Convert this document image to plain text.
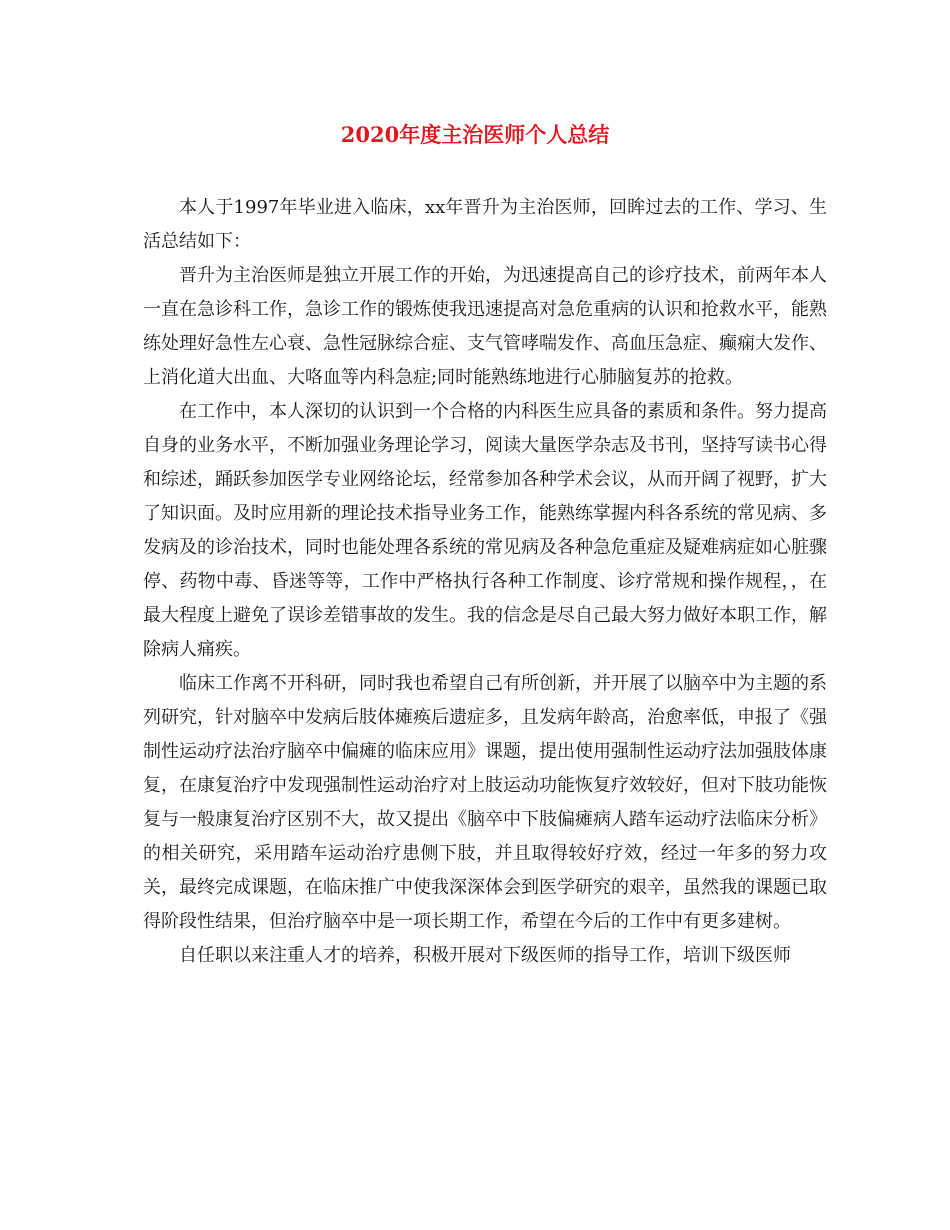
2020年度主治医师个人总结

本人于1997年毕业进入临床，xx年晋升为主治医师，回眸过去的工作、学习、生活总结如下：

晋升为主治医师是独立开展工作的开始，为迅速提高自己的诊疗技术，前两年本人一直在急诊科工作，急诊工作的锻炼使我迅速提高对急危重病的认识和抢救水平，能熟练处理好急性左心衰、急性冠脉综合症、支气管哮喘发作、高血压急症、癫痫大发作、上消化道大出血、大咯血等内科急症;同时能熟练地进行心肺脑复苏的抢救。

在工作中，本人深切的认识到一个合格的内科医生应具备的素质和条件。努力提高自身的业务水平，不断加强业务理论学习，阅读大量医学杂志及书刊，坚持写读书心得和综述，踊跃参加医学专业网络论坛，经常参加各种学术会议，从而开阔了视野，扩大了知识面。及时应用新的理论技术指导业务工作，能熟练掌握内科各系统的常见病、多发病及的诊治技术，同时也能处理各系统的常见病及各种急危重症及疑难病症如心脏骤停、药物中毒、昏迷等等，工作中严格执行各种工作制度、诊疗常规和操作规程，，在最大程度上避免了误诊差错事故的发生。我的信念是尽自己最大努力做好本职工作，解除病人痛疾。

临床工作离不开科研，同时我也希望自己有所创新，并开展了以脑卒中为主题的系列研究，针对脑卒中发病后肢体瘫痪后遗症多，且发病年龄高，治愈率低，申报了《强制性运动疗法治疗脑卒中偏瘫的临床应用》课题，提出使用强制性运动疗法加强肢体康复，在康复治疗中发现强制性运动治疗对上肢运动功能恢复疗效较好，但对下肢功能恢复与一般康复治疗区别不大，故又提出《脑卒中下肢偏瘫病人踏车运动疗法临床分析》的相关研究，采用踏车运动治疗患侧下肢，并且取得较好疗效，经过一年多的努力攻关，最终完成课题，在临床推广中使我深深体会到医学研究的艰辛，虽然我的课题已取得阶段性结果，但治疗脑卒中是一项长期工作，希望在今后的工作中有更多建树。

自任职以来注重人才的培养，积极开展对下级医师的指导工作，培训下级医师
